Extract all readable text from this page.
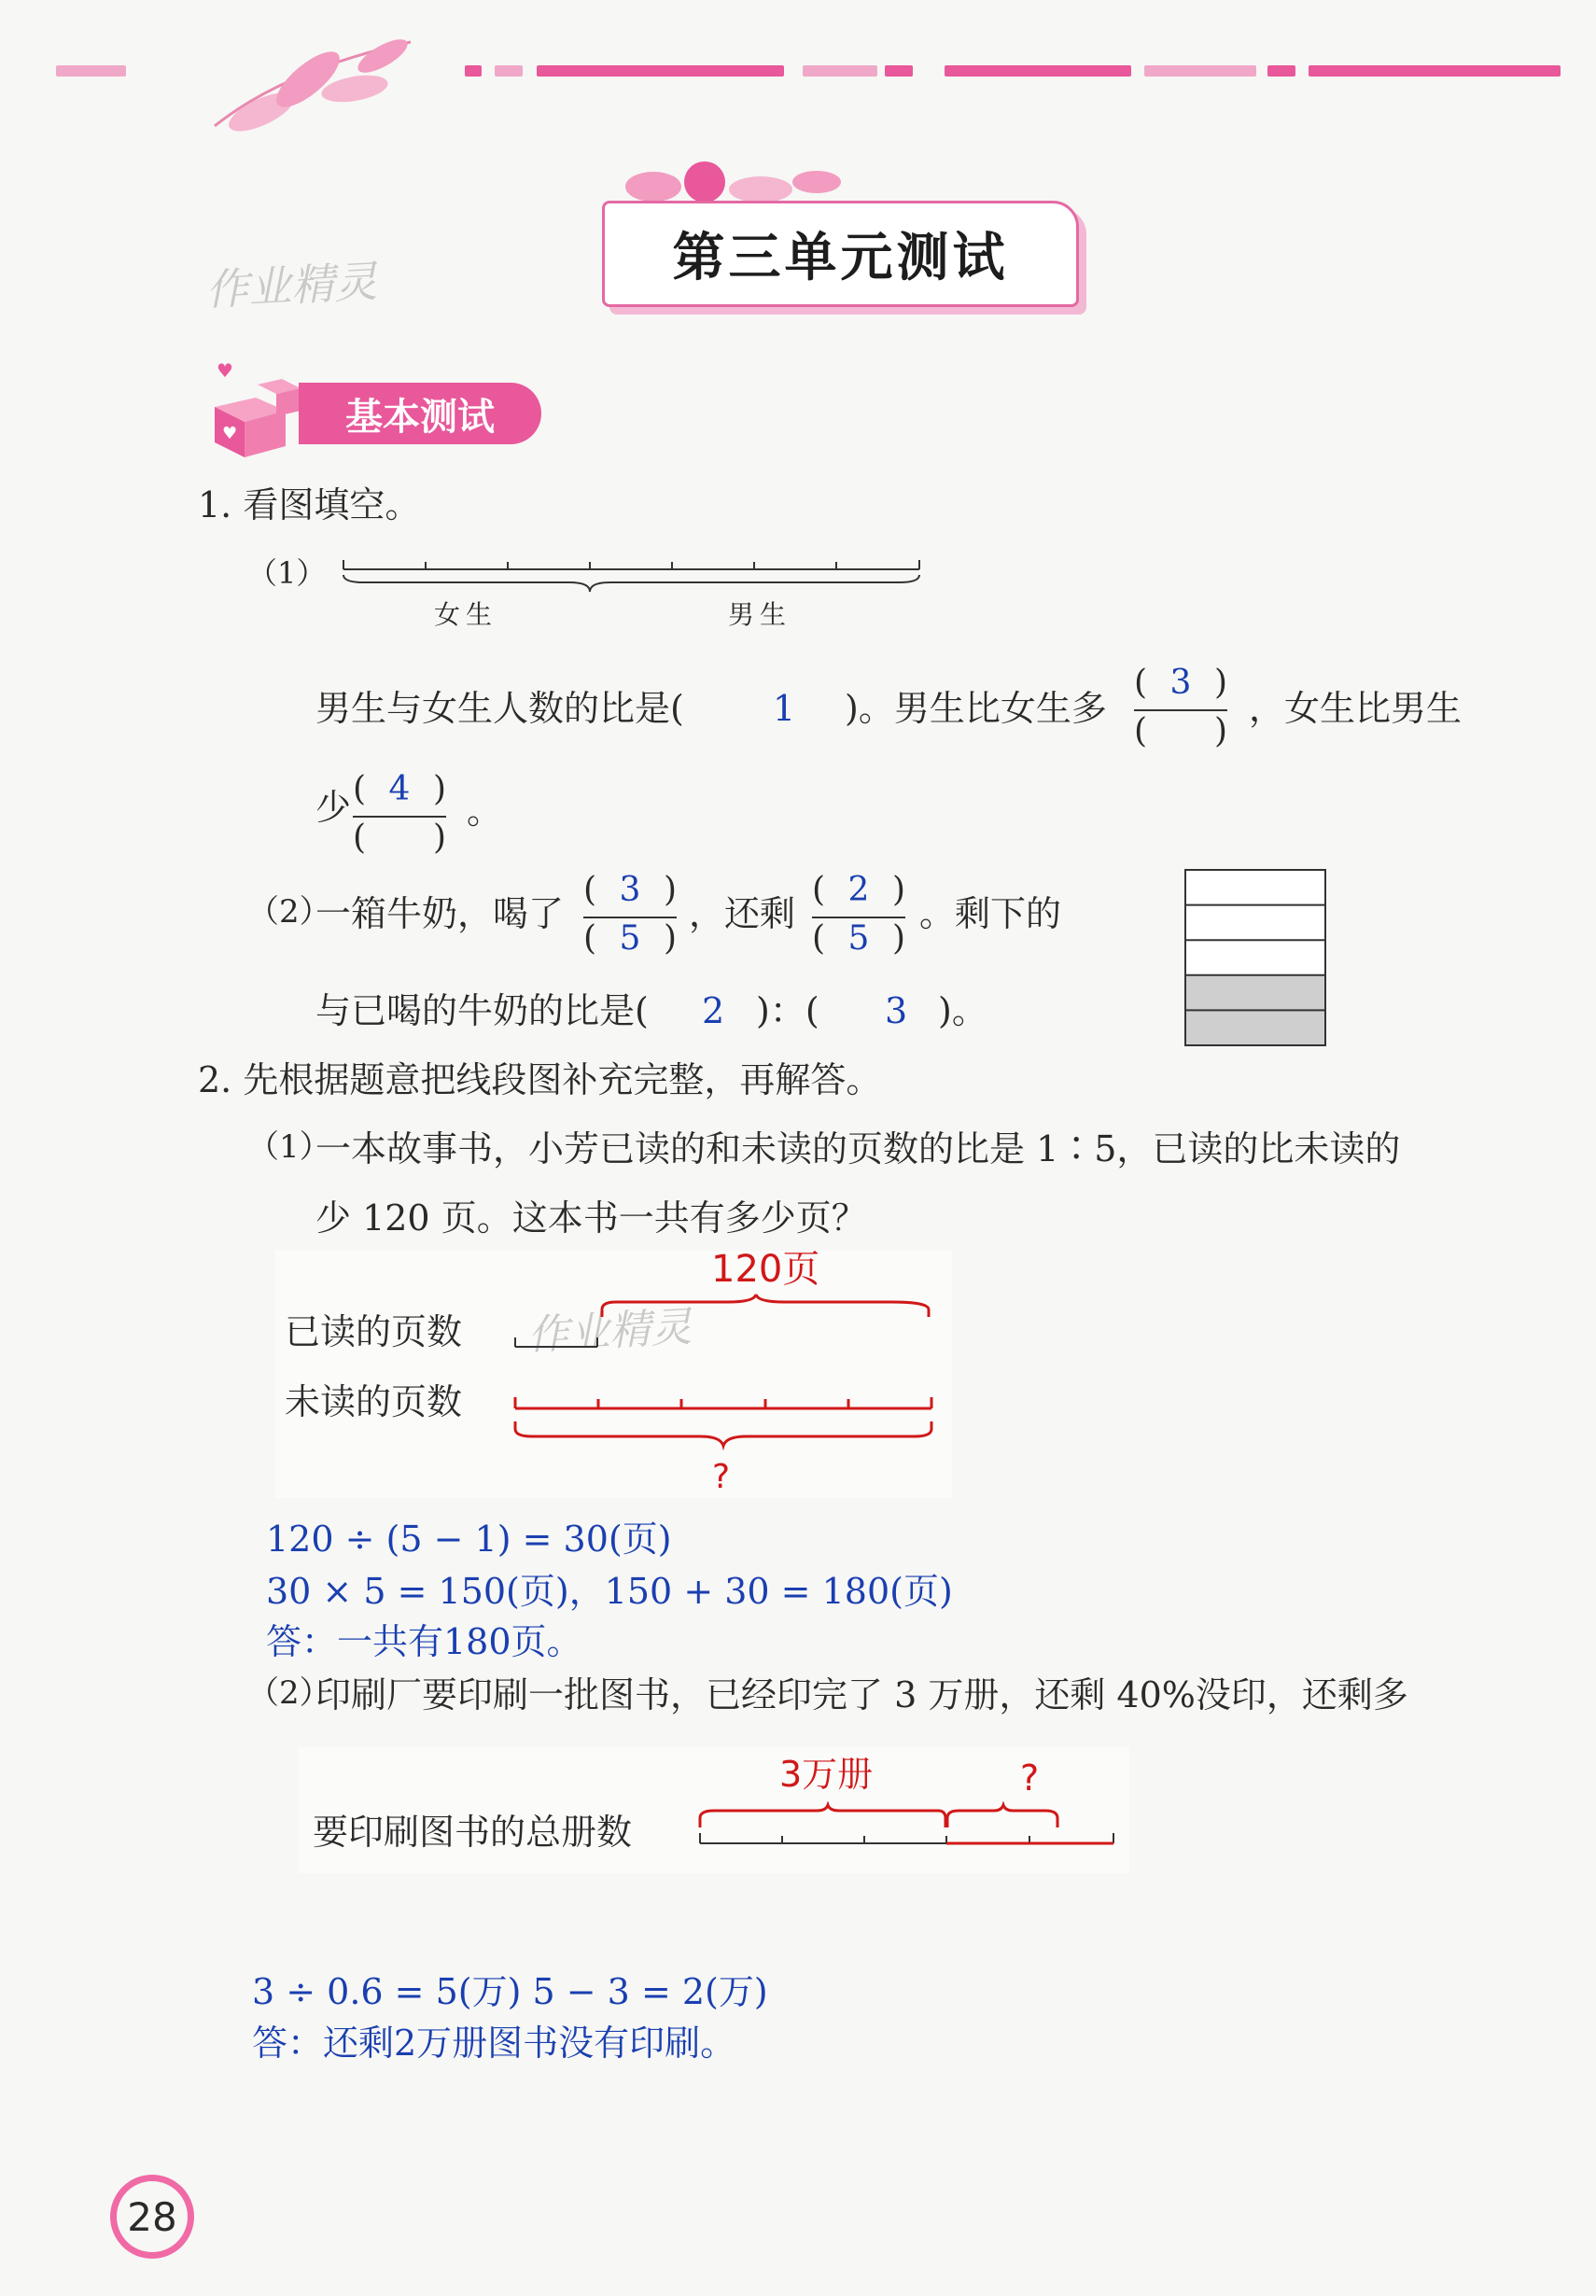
第三单元测试
作业精灵
♥
♥	基本测试
1. 看图填空。
（1）
女生	男生
男生与女生人数的比是(	1 )。男生比女生多
( 3 )
( )
，女生比男生
少 ( 4 )
( )
。
（2）
一箱牛奶，喝了
( 3 )
( 5 )
，还剩
( 2 )
( 5 )
。剩下的
与已喝的牛奶的比是( 2 )：( 3 )。
2. 先根据题意把线段图补充完整，再解答。
（1）
一本故事书，小芳已读的和未读的页数的比是 1∶5，已读的比未读的
少 120 页。这本书一共有多少页？
120页
已读的页数
未读的页数
作业精灵
?
120 ÷ (5 − 1) = 30(页)
30 × 5 = 150(页)，150 + 30 = 180(页)
答：一共有180页。
（2）
印刷厂要印刷一批图书，已经印完了 3 万册，还剩 40%没印，还剩多
3万册	?
要印刷图书的总册数
3 ÷ 0.6 = 5(万) 5 − 3 = 2(万)
答：还剩2万册图书没有印刷。
28
